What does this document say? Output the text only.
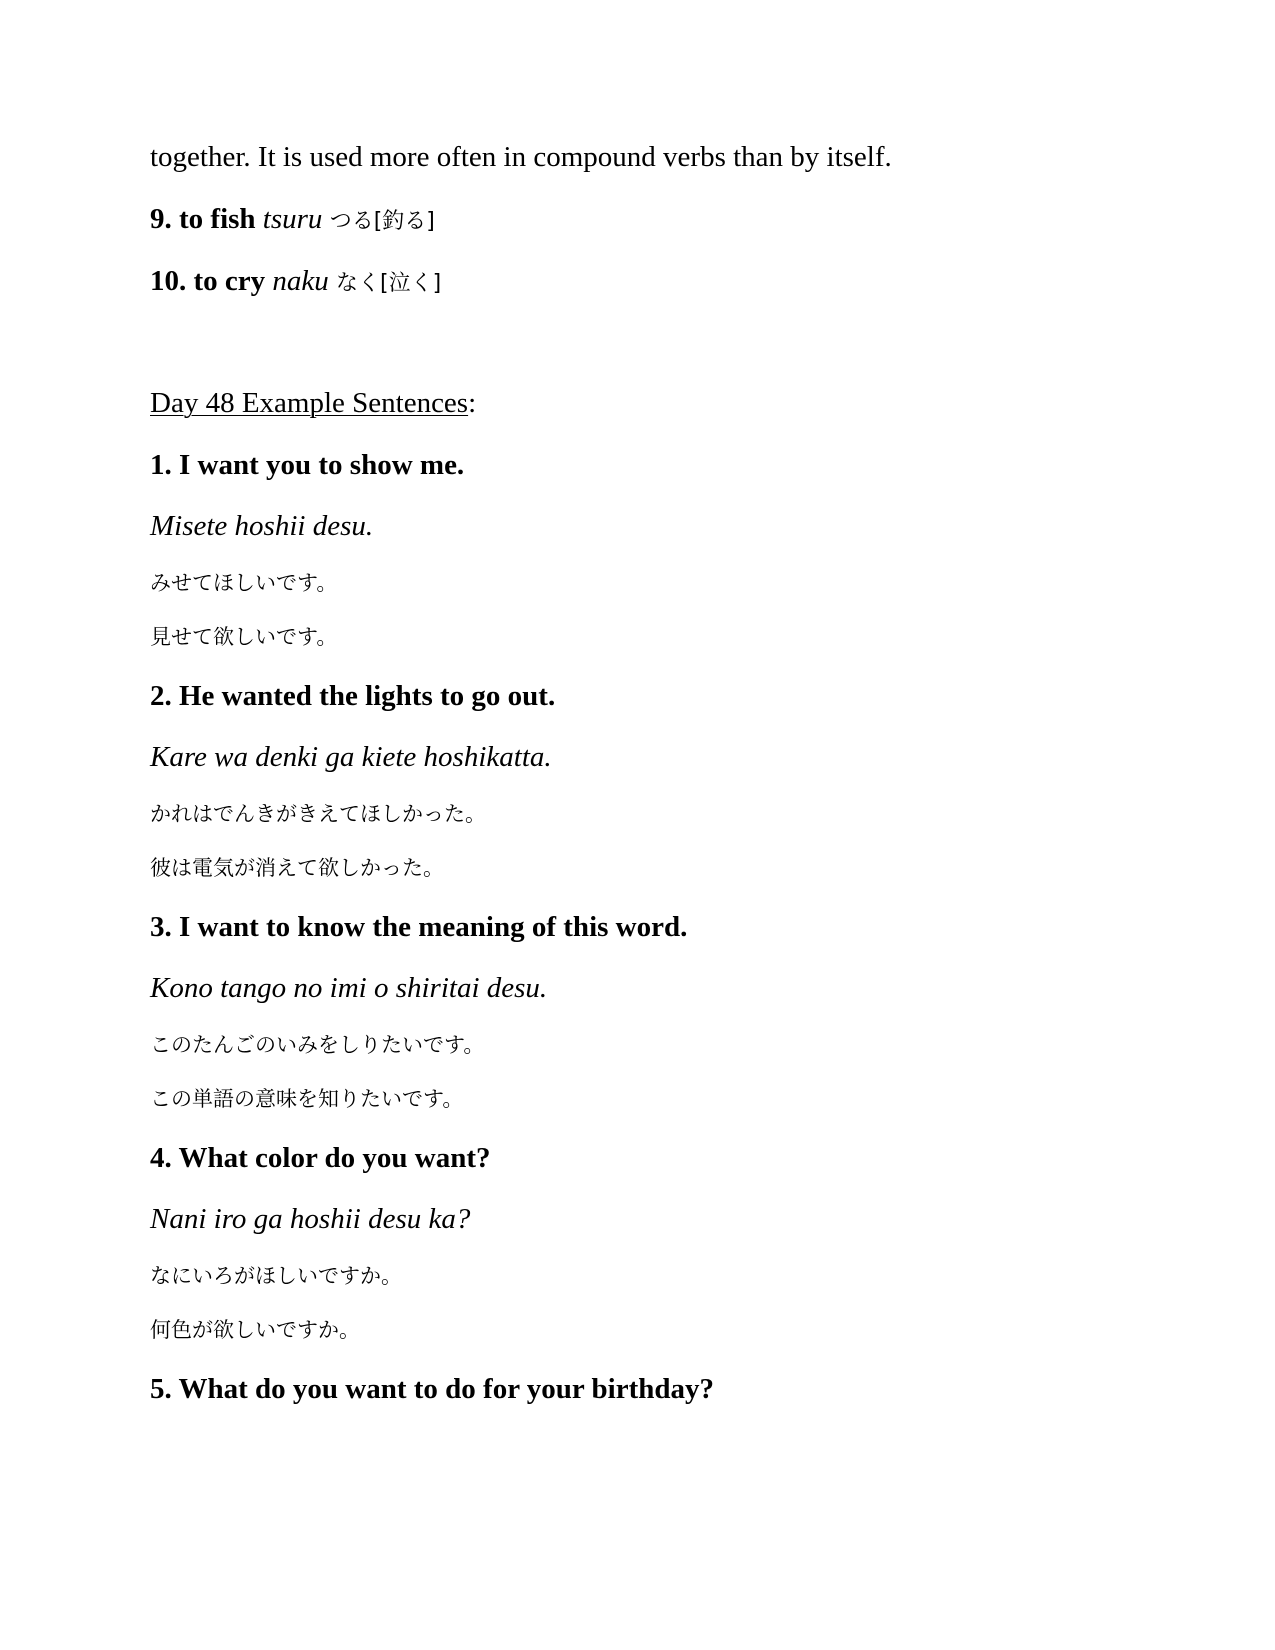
together. It is used more often in compound verbs than by itself.
9. to fish tsuru つる[釣る]
10. to cry naku なく[泣く]
Day 48 Example Sentences:
1. I want you to show me.
Misete hoshii desu.
みせてほしいです。
見せて欲しいです。
2. He wanted the lights to go out.
Kare wa denki ga kiete hoshikatta.
かれはでんきがきえてほしかった。
彼は電気が消えて欲しかった。
3. I want to know the meaning of this word.
Kono tango no imi o shiritai desu.
このたんごのいみをしりたいです。
この単語の意味を知りたいです。
4. What color do you want?
Nani iro ga hoshii desu ka?
なにいろがほしいですか。
何色が欲しいですか。
5. What do you want to do for your birthday?
